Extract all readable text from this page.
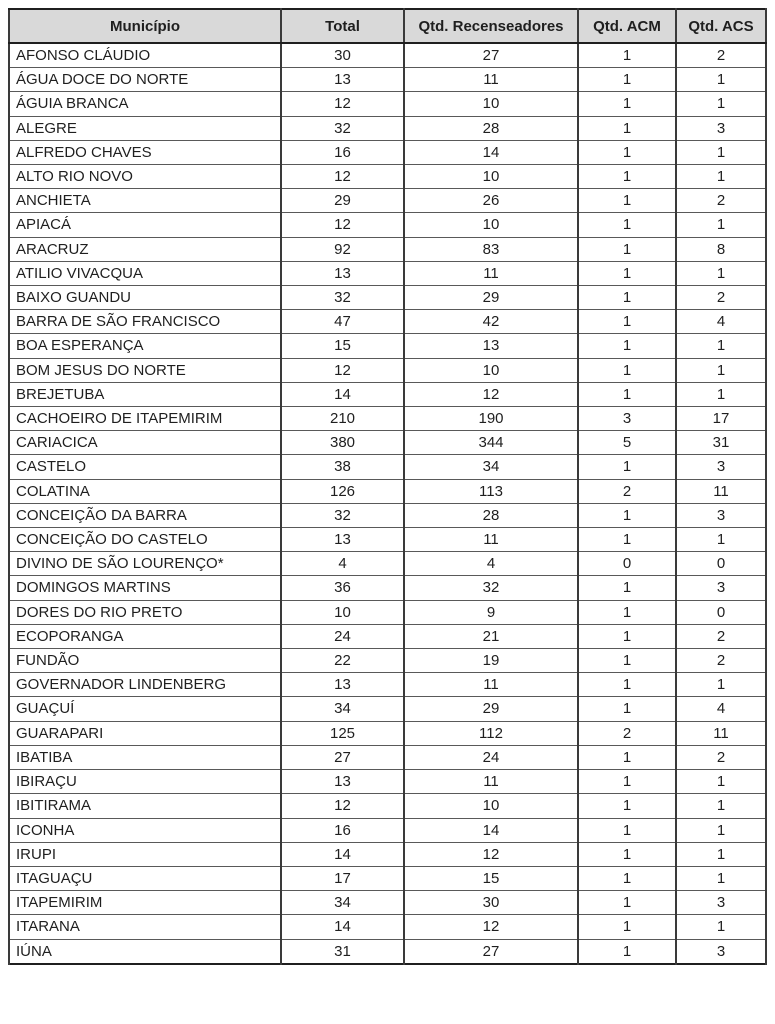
Município	Total	Qtd. Recenseadores	Qtd. ACM	Qtd. ACS
AFONSO CLÁUDIO	30	27	1	2
ÁGUA DOCE DO NORTE	13	11	1	1
ÁGUIA BRANCA	12	10	1	1
ALEGRE	32	28	1	3
ALFREDO CHAVES	16	14	1	1
ALTO RIO NOVO	12	10	1	1
ANCHIETA	29	26	1	2
APIACÁ	12	10	1	1
ARACRUZ	92	83	1	8
ATILIO VIVACQUA	13	11	1	1
BAIXO GUANDU	32	29	1	2
BARRA DE SÃO FRANCISCO	47	42	1	4
BOA ESPERANÇA	15	13	1	1
BOM JESUS DO NORTE	12	10	1	1
BREJETUBA	14	12	1	1
CACHOEIRO DE ITAPEMIRIM	210	190	3	17
CARIACICA	380	344	5	31
CASTELO	38	34	1	3
COLATINA	126	113	2	11
CONCEIÇÃO DA BARRA	32	28	1	3
CONCEIÇÃO DO CASTELO	13	11	1	1
DIVINO DE SÃO LOURENÇO*	4	4	0	0
DOMINGOS MARTINS	36	32	1	3
DORES DO RIO PRETO	10	9	1	0
ECOPORANGA	24	21	1	2
FUNDÃO	22	19	1	2
GOVERNADOR LINDENBERG	13	11	1	1
GUAÇUÍ	34	29	1	4
GUARAPARI	125	112	2	11
IBATIBA	27	24	1	2
IBIRAÇU	13	11	1	1
IBITIRAMA	12	10	1	1
ICONHA	16	14	1	1
IRUPI	14	12	1	1
ITAGUAÇU	17	15	1	1
ITAPEMIRIM	34	30	1	3
ITARANA	14	12	1	1
IÚNA	31	27	1	3
